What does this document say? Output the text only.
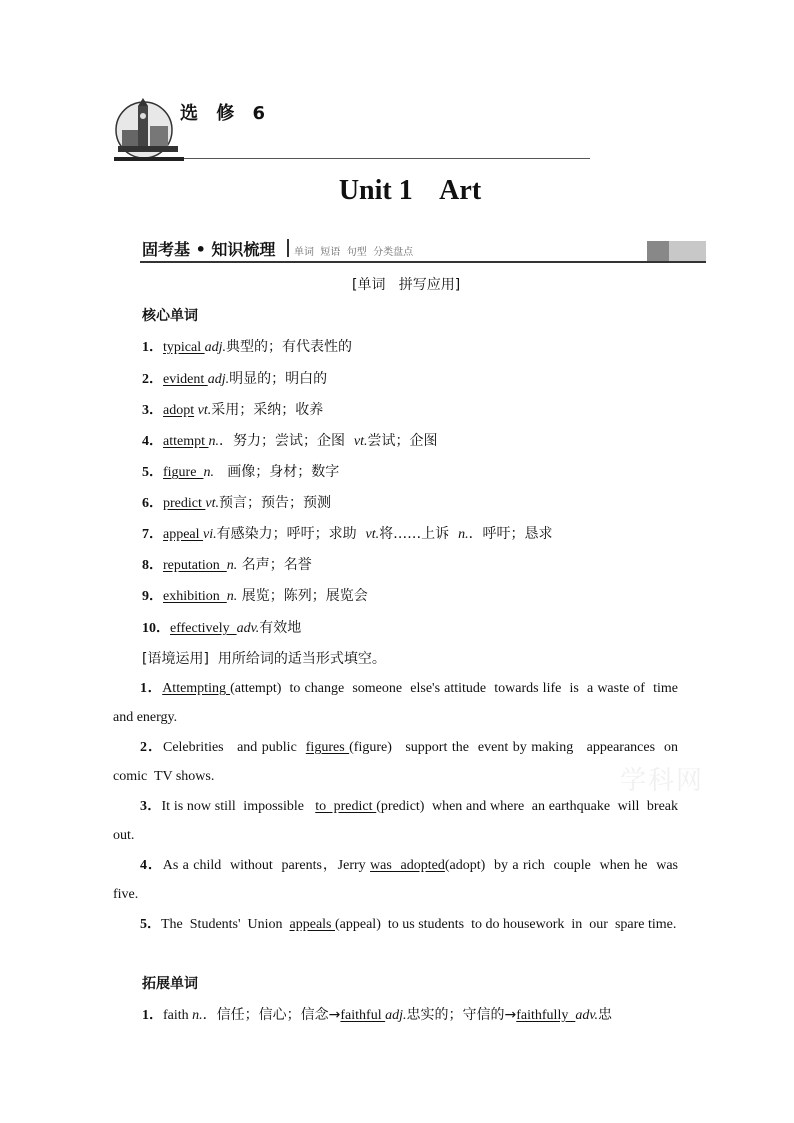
选 修 6
Unit 1    Art
固考基 • 知识梳理 单词  短语  句型  分类盘点
[单词   拼写应用]
核心单词
1．typical adj.典型的；有代表性的
2．evident adj.明显的；明白的
3．adopt vt.采用；采纳；收养
4．attempt n.．努力；尝试；企图  vt.尝试；企图
5．figure  n.   画像；身材；数字
6．predict vt.预言；预告；预测
7．appeal vi.有感染力；呼吁；求助  vt.将……上诉  n.．呼吁；恳求
8．reputation  n. 名声；名誉
9．exhibition  n. 展览；陈列；展览会
10．effectively  adv.有效地
[语境运用]  用所给词的适当形式填空。
1．Attempting (attempt)  to change  someone  else's attitude  towards life  is  a waste of  time  and energy.
2．Celebrities   and public  figures (figure)   support the  event by making   appearances  on comic  TV shows.
3．It is now still  impossible   to  predict (predict)  when and where  an earthquake  will  break  out.
4．As a child  without  parents，Jerry was  adopted(adopt)  by a rich  couple  when he  was five.
5．The  Students'  Union  appeals (appeal)  to us students  to do housework  in  our  spare time.
拓展单词
1．faith n.．信任；信心；信念→faithful adj.忠实的；守信的→faithfully  adv.忠
学科网
